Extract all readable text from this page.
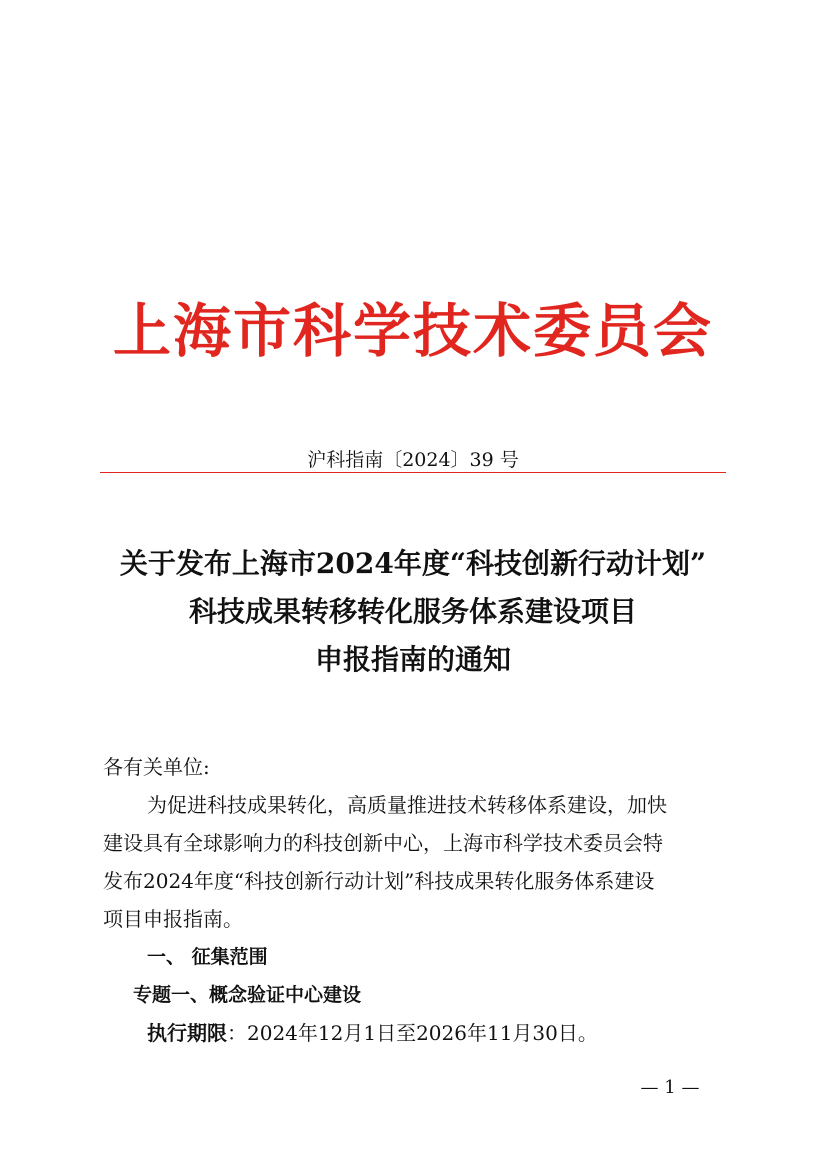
上海市科学技术委员会
沪科指南〔2024〕39 号
关于发布上海市2024年度“科技创新行动计划”
科技成果转移转化服务体系建设项目
申报指南的通知
各有关单位:
为促进科技成果转化，高质量推进技术转移体系建设，加快
建设具有全球影响力的科技创新中心，上海市科学技术委员会特
发布2024年度“科技创新行动计划”科技成果转化服务体系建设
项目申报指南。
一、 征集范围
专题一、概念验证中心建设
执行期限：2024年12月1日至2026年11月30日。
— 1 —
